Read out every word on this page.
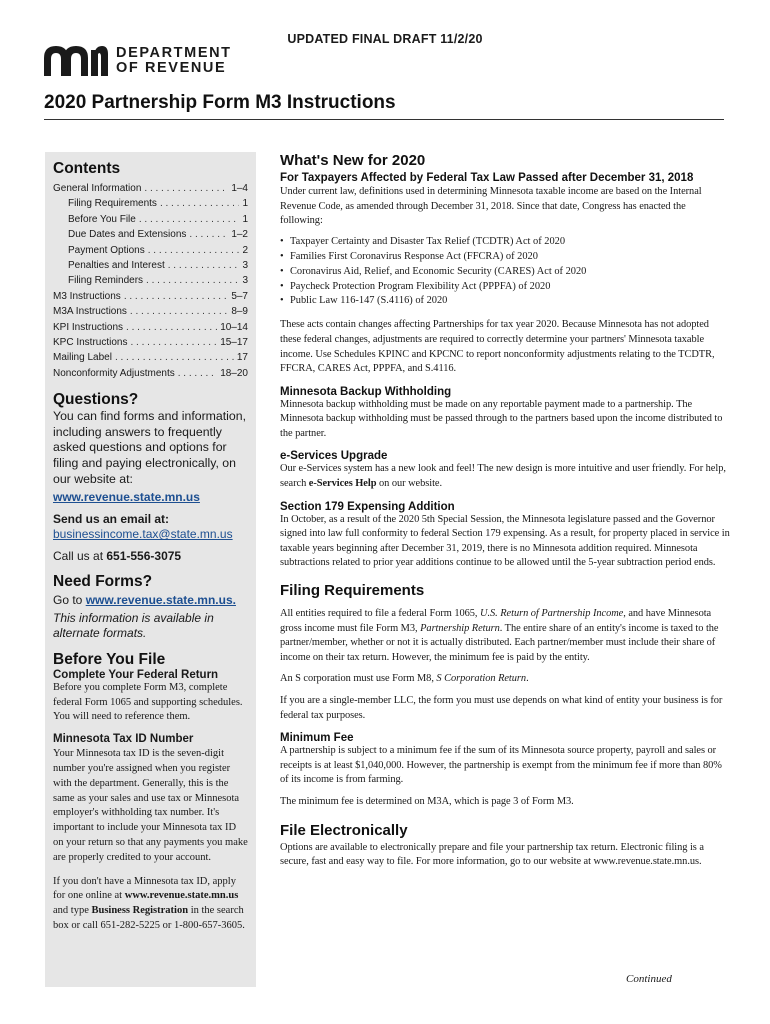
UPDATED FINAL DRAFT 11/2/20
DEPARTMENT
OF REVENUE
2020 Partnership Form M3 Instructions
Contents
General Information . . .	1–4
Filing Requirements . . .	1
Before You File . . .	1
Due Dates and Extensions . . .	1–2
Payment Options . . .	2
Penalties and Interest . . .	3
Filing Reminders . . .	3
M3 Instructions . . .	5–7
M3A Instructions . . .	8–9
KPI Instructions . . .	10–14
KPC Instructions . . .	15–17
Mailing Label . . .	17
Nonconformity Adjustments . . .	18–20
Questions?

You can find forms and information, including answers to frequently asked questions and options for filing and paying electronically, on our website at:

www.revenue.state.mn.us

Send us an email at:

businessincome.tax@state.mn.us

Call us at 651-556-3075

Need Forms?

Go to www.revenue.state.mn.us.

This information is available in alternate formats.

Before You File

Complete Your Federal Return

Before you complete Form M3, complete federal Form 1065 and supporting schedules. You will need to reference them.

Minnesota Tax ID Number

Your Minnesota tax ID is the seven-digit number you're assigned when you register with the department. Generally, this is the same as your sales and use tax or Minnesota employer's withholding tax number. It's important to include your Minnesota tax ID on your return so that any payments you make are properly credited to your account.

If you don't have a Minnesota tax ID, apply for one online at www.revenue.state.mn.us and type Business Registration in the search box or call 651-282-5225 or 1-800-657-3605.

What's New for 2020

For Taxpayers Affected by Federal Tax Law Passed after December 31, 2018

Under current law, definitions used in determining Minnesota taxable income are based on the Internal Revenue Code, as amended through December 31, 2018. Since that date, Congress has enacted the following:

• Taxpayer Certainty and Disaster Tax Relief (TCDTR) Act of 2020
• Families First Coronavirus Response Act (FFCRA) of 2020
• Coronavirus Aid, Relief, and Economic Security (CARES) Act of 2020
• Paycheck Protection Program Flexibility Act (PPPFA) of 2020
• Public Law 116-147 (S.4116) of 2020

These acts contain changes affecting Partnerships for tax year 2020. Because Minnesota has not adopted these federal changes, adjustments are required to correctly determine your partners' Minnesota taxable income. Use Schedules KPINC and KPCNC to report nonconformity adjustments relating to the TCDTR, FFCRA, CARES Act, PPPFA, and S.4116.

Minnesota Backup Withholding

Minnesota backup withholding must be made on any reportable payment made to a partnership. The Minnesota backup withholding must be passed through to the partners based upon the income distributed to the partner.

e-Services Upgrade

Our e-Services system has a new look and feel! The new design is more intuitive and user friendly. For help, search e-Services Help on our website.

Section 179 Expensing Addition

In October, as a result of the 2020 5th Special Session, the Minnesota legislature passed and the Governor signed into law full conformity to federal Section 179 expensing. As a result, for property placed in service in taxable years beginning after December 31, 2019, there is no Minnesota addition required. Minnesota subtractions related to prior year additions continue to be allowed until the 5-year subtraction period ends.

Filing Requirements

All entities required to file a federal Form 1065, U.S. Return of Partnership Income, and have Minnesota gross income must file Form M3, Partnership Return. The entire share of an entity's income is taxed to the partner/member, whether or not it is actually distributed. Each partner/member must include their share of income on their tax return. However, the minimum fee is paid by the entity.

An S corporation must use Form M8, S Corporation Return.

If you are a single-member LLC, the form you must use depends on what kind of entity your business is for federal tax purposes.

Minimum Fee

A partnership is subject to a minimum fee if the sum of its Minnesota source property, payroll and sales or receipts is at least $1,040,000. However, the partnership is exempt from the minimum fee if more than 80% of its income is from farming.

The minimum fee is determined on M3A, which is page 3 of Form M3.

File Electronically

Options are available to electronically prepare and file your partnership tax return. Electronic filing is a secure, fast and easy way to file. For more information, go to our website at www.revenue.state.mn.us.

Continued
